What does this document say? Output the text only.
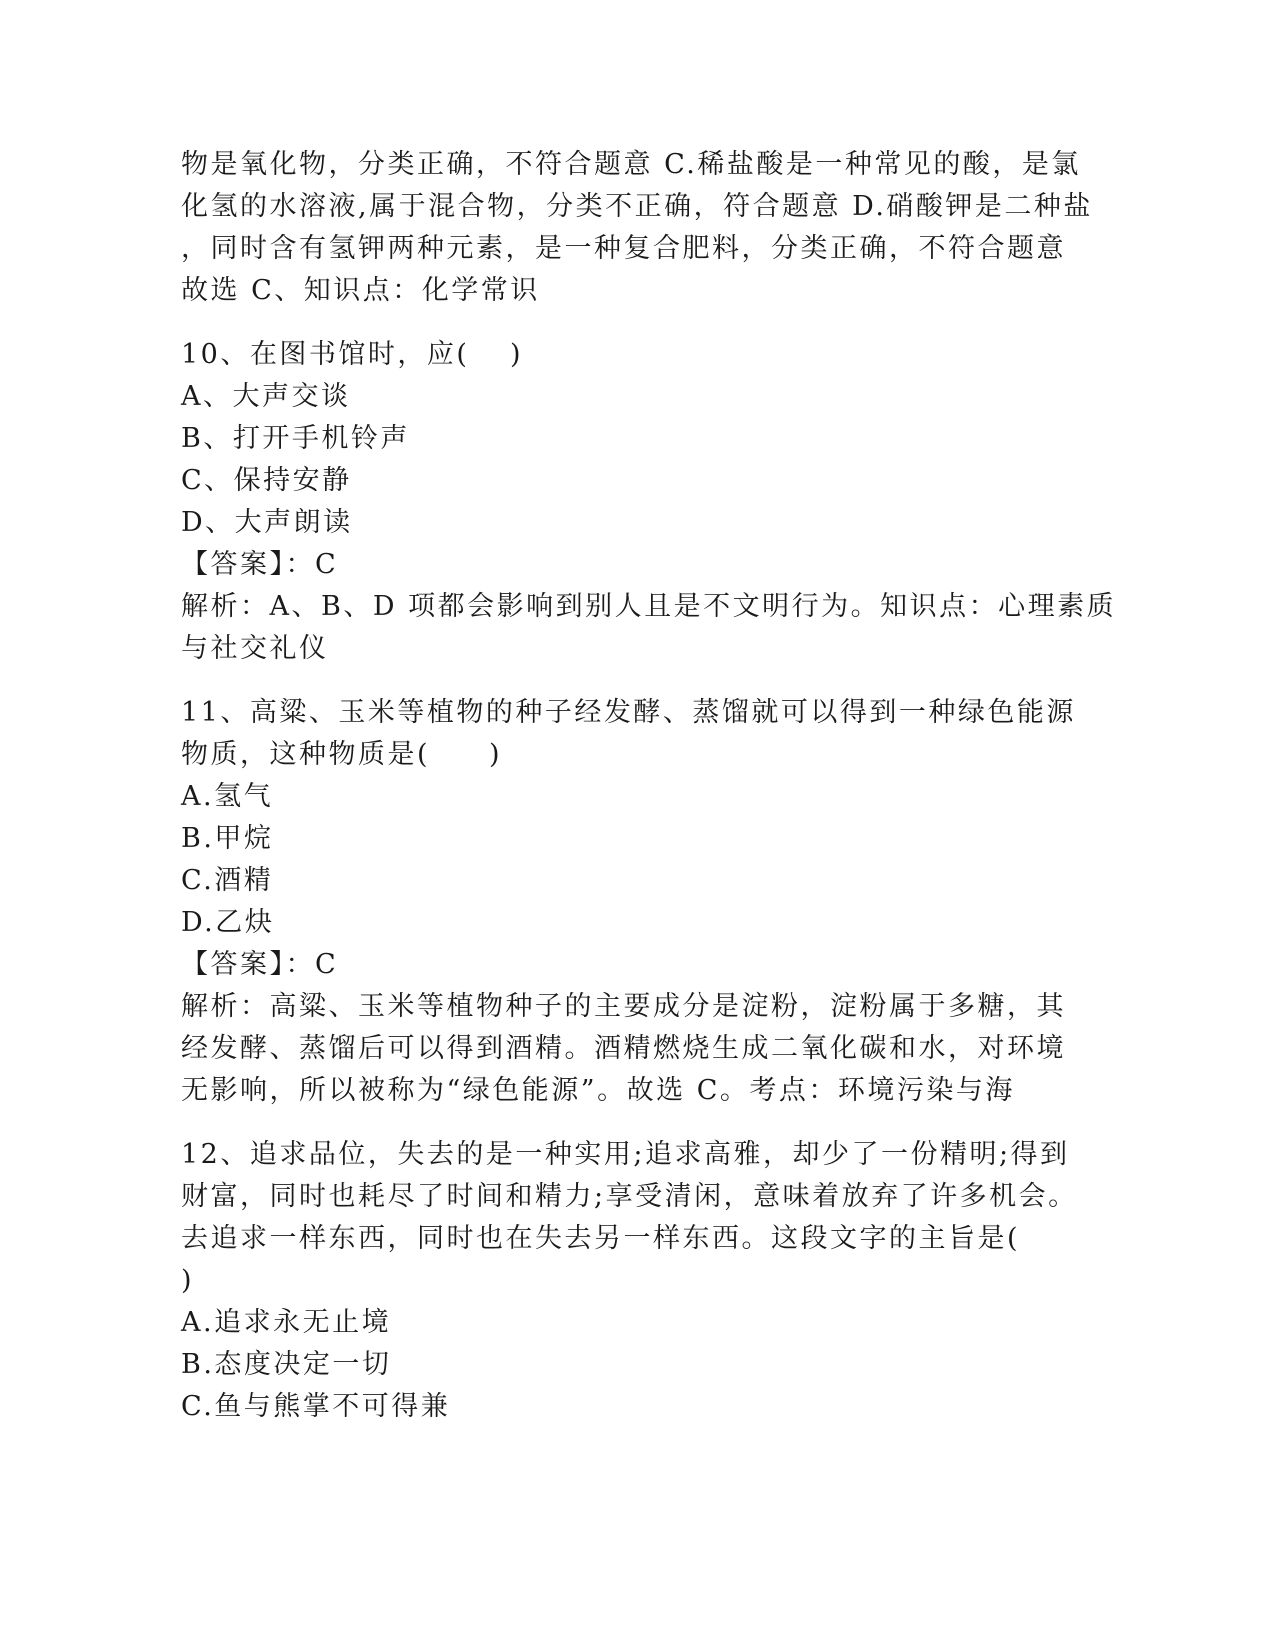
物是氧化物，分类正确，不符合题意 C.稀盐酸是一种常见的酸，是氯
化氢的水溶液,属于混合物，分类不正确，符合题意 D.硝酸钾是二种盐
，同时含有氢钾两种元素，是一种复合肥料，分类正确，不符合题意
故选 C、知识点：化学常识
10、在图书馆时，应(　 )
A、大声交谈
B、打开手机铃声
C、保持安静
D、大声朗读
【答案】：C
解析：A、B、D 项都会影响到别人且是不文明行为。知识点：心理素质
与社交礼仪
11、高粱、玉米等植物的种子经发酵、蒸馏就可以得到一种绿色能源
物质，这种物质是(　　)
A.氢气
B.甲烷
C.酒精
D.乙炔
【答案】：C
解析：高粱、玉米等植物种子的主要成分是淀粉，淀粉属于多糖，其
经发酵、蒸馏后可以得到酒精。酒精燃烧生成二氧化碳和水，对环境
无影响，所以被称为“绿色能源”。故选 C。考点：环境污染与海
12、追求品位，失去的是一种实用;追求高雅，却少了一份精明;得到
财富，同时也耗尽了时间和精力;享受清闲，意味着放弃了许多机会。
去追求一样东西，同时也在失去另一样东西。这段文字的主旨是(
)
A.追求永无止境
B.态度决定一切
C.鱼与熊掌不可得兼
